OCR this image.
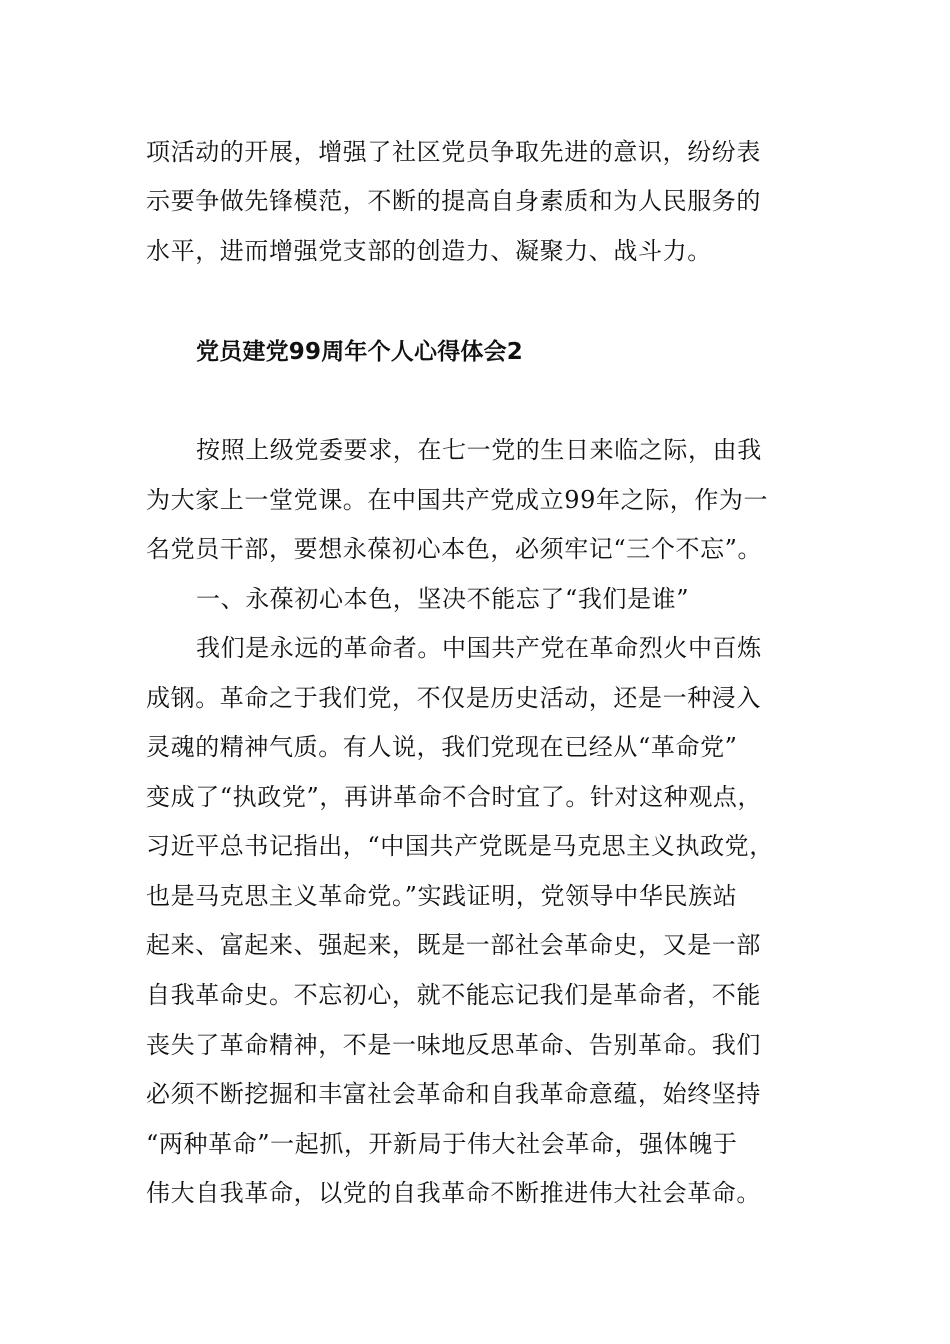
项活动的开展，增强了社区党员争取先进的意识，纷纷表
示要争做先锋模范，不断的提高自身素质和为人民服务的
水平，进而增强党支部的创造力、凝聚力、战斗力。
党员建党99周年个人心得体会2
按照上级党委要求，在七一党的生日来临之际，由我
为大家上一堂党课。在中国共产党成立99年之际，作为一
名党员干部，要想永葆初心本色，必须牢记“三个不忘”。
一、永葆初心本色，坚决不能忘了“我们是谁”
我们是永远的革命者。中国共产党在革命烈火中百炼
成钢。革命之于我们党，不仅是历史活动，还是一种浸入
灵魂的精神气质。有人说，我们党现在已经从“革命党”
变成了“执政党”，再讲革命不合时宜了。针对这种观点，
习近平总书记指出，“中国共产党既是马克思主义执政党，
也是马克思主义革命党。”实践证明，党领导中华民族站
起来、富起来、强起来，既是一部社会革命史，又是一部
自我革命史。不忘初心，就不能忘记我们是革命者，不能
丧失了革命精神，不是一味地反思革命、告别革命。我们
必须不断挖掘和丰富社会革命和自我革命意蕴，始终坚持
“两种革命”一起抓，开新局于伟大社会革命，强体魄于
伟大自我革命，以党的自我革命不断推进伟大社会革命。
